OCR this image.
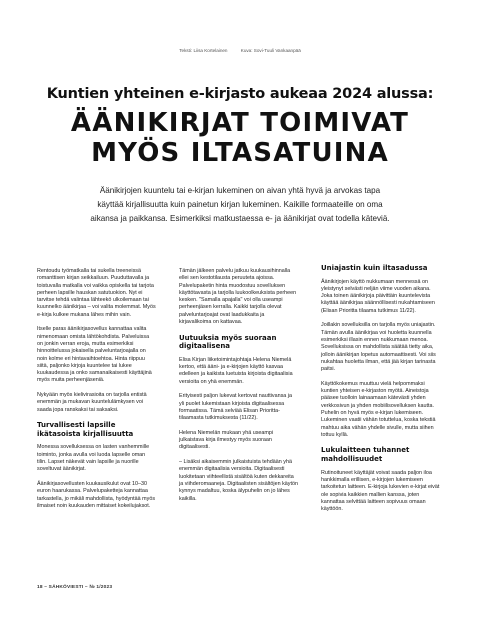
Teksti: Liisa Kortelainen	Kuva: Sovi-Tuuli Vankaanpää
Kuntien yhteinen e-kirjasto aukeaa 2024 alussa:
ÄÄNIKIRJAT TOIMIVAT
MYÖS ILTASATUINA

Äänikirjojen kuuntelu tai e-kirjan lukeminen on aivan yhtä hyvä ja arvokas tapa

käyttää kirjallisuutta kuin painetun kirjan lukeminen. Kaikille formaateille on oma

aikansa ja paikkansa. Esimerkiksi matkustaessa e- ja äänikirjat ovat todella käteviä.

Rentoudu työmatkalla tai sukella treeneissä romanttisen kirjan seikkailuun. Puuduttavalla ja toistuvalla matkalla voi vaikka opiskella tai tarjota perheen lapsille hauskan satutuokion. Nyt ei tarvitse tehdä valintaa lähteekö ulkoilemaan tai kuunnelko äänikirjaa – voi valita molemmat. Myös e-kirja kulkee mukana lähes mihin vain.

Itselle paras äänikirjasovellus kannattaa valita nimenomaan omista lähtökohdista. Palveluissa on jonkin verran eroja, mutta esimerkiksi hinnoittelussa jokaisella palveluntarjoajalla on noin kolme eri hintavaihtoehtoa. Hinta riippuu siitä, paljonko kirjoja kuuntelee tai lukee kuukaudessa ja onko samanaikaisesti käyttäjinä myös muita perheenjäseniä.

Nykyään myös kielivirasioita on tarjolla entistä enemmän ja mukavan kuuntelulämkysen voi saada jopa ranskaksi tai saksaksi.

Turvallisesti lapsille ikätasoista kirjallisuutta

Monessa sovelluksessa on lasten vanhemmille toiminto, jonka avulla voi luoda lapselle oman tilin. Lapset näkevät vain lapsille ja nuorille soveltuvat äänikirjat.

Äänikirjasovellusten kuukausikulut ovat 10–30 euron haarukassa. Palvelupaketteja kannattaa tarkastella, jo mikäli mahdollista, hyödyntää myös ilmaiset noin kuukauden mittaiset kokeilujaksot.

Tämän jälkeen palvelu jatkuu kuukausihinnalla ellei sen kestotilausta peruuteta ajoissa. Palvelupaketin hinta muodostuu sovelluksen käyttötavasta ja tarjolla luukoolkeuksista perheen kesken. "Samalla apajalla" voi olla useampi perheenjäsen kerralla. Kaikki tarjolla olevat palveluntarjoajat ovat laadukkaita ja kirjavalikoima on kattavaa.

Uutuuksia myös suoraan digitaalisena

Elisa Kirjan liiketoimintajohtaja Helena Niemelä kertoo, että ääni- ja e-kirjojen käyttö kasvaa edelleen ja kaikista luetuista kirjoista digitaalisia versioita on yhä enemmän.

Erityisesti paljon lukevat kertovat nauttivansa ja yli puolet lukemistaan kirjoista digitaalisessa formaatissa. Tämä selviää Elisan Prioritta-tilaamasta tutkimuksesta (11/22).

Helena Niemelän mukaan yhä useampi julkaistava kirja ilmestyy myös suoraan digitaalisesti.

– Lisäksi aikaisemmin julkaistuista tehdään yhä enemmän digitaalisia versioita. Digitaalisesti luokitetaan viihteellistä sisältöä kuten dekkareita ja viihderomaaneja. Digitaalisten sisältöjen käytön kynnys madaltuu, koska älypuhelin on jo lähes kaikilla.

Uniajastin kuin iltasadussa

Äänikirjojen käyttö nukkumaan mennessä on yleistynyt selvästi neljän viime vuoden aikana. Joka toinen äänikirjoja päivittäin kuuntelevista käyttää äänikirjaa säännöllisesti nukahtamiseen (Elisan Prioritta tilaama tutkimus 11/22).

Joillakin sovelluksilla on tarjolla myös uniajastin. Tämän avulla äänikirjaa voi huoletta kuunnella esimerkiksi illasin ennen nukkumaan menoa. Sovelluksissa on mahdollista säätää tietty aika, jolloin äänikirjan lopetus automaattisesti. Voi siis nukahtaa huoletta ilman, että jää kirjan tarinasta paitsi.

Käyttökokemus muuttuu vielä helpommaksi kuntien yhteisen e-kirjaston myötä. Aineistoja pääsee tuolloin lainaamaan kätevästi yhden verkkosivun ja yhden mobiilisovelluksen kautta. Puhelin on hyvä myös e-kirjan lukemiseen. Lukeminen vaatii vähän totuttelua, koska tekstiä mahtuu aika vähän yhdelle sivulle, mutta siihen tottuu kyllä.

Lukulaitteen tuhannet mahdollisuudet

Rutinoituneet käyttäjät voivat saada paljon iloa hankkimalla erillisen, e-kirjojen lukemiseen tarkoitetun laitteen. E-kirjoja lukevien e-kirjat eivät ole sopivia kaikkien mallien kanssa, joten kannattaa selvittää laitteen sopivuus omaan käyttöön.

18 – SÄHKÖVIESTI – № 1/2023
